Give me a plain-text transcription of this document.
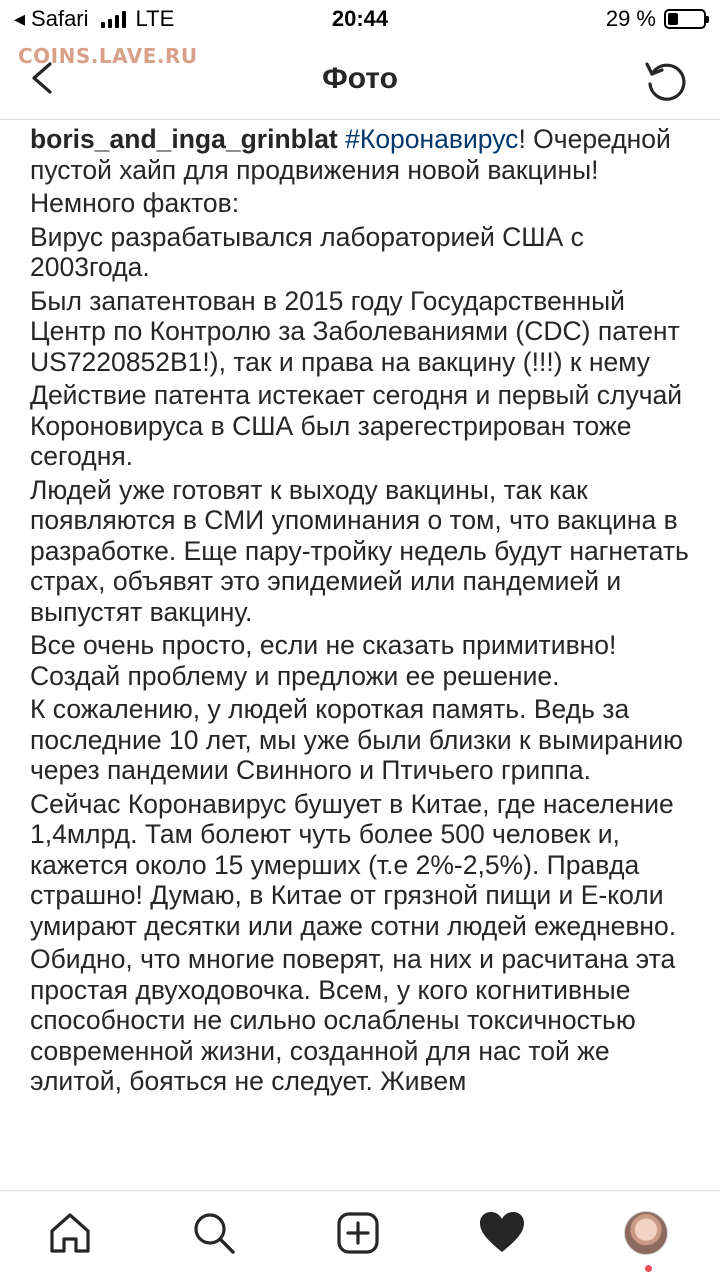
◂ Safari LTE	20:44	29 %
Фото
COINS.LAVE.RU

boris_and_inga_grinblat #Коронавирус! Очередной пустой хайп для продвижения новой вакцины!

Немного фактов:

Вирус разрабатывался лабораторией США с 2003года.

Был запатентован в 2015 году Государственный Центр по Контролю за Заболеваниями (CDC) патент US7220852B1!), так и права на вакцину (!!!) к нему

Действие патента истекает сегодня и первый случай Короновируса в США был зарегестрирован тоже сегодня.

Людей уже готовят к выходу вакцины, так как появляются в СМИ упоминания о том, что вакцина в разработке. Еще пару-тройку недель будут нагнетать страх, объявят это эпидемией или пандемией и выпустят вакцину.

Все очень просто, если не сказать примитивно! Создай проблему и предложи ее решение.

К сожалению, у людей короткая память. Ведь за последние 10 лет, мы уже были близки к вымиранию через пандемии Свинного и Птичьего гриппа.

Сейчас Коронавирус бушует в Китае, где население 1,4млрд. Там болеют чуть более 500 человек и, кажется около 15 умерших (т.е 2%-2,5%). Правда страшно! Думаю, в Китае от грязной пищи и Е-коли умирают десятки или даже сотни людей ежедневно.

Обидно, что многие поверят, на них и расчитана эта простая двуходовочка. Всем, у кого когнитивные способности не сильно ослаблены токсичностью современной жизни, созданной для нас той же элитой, бояться не следует. Живем
